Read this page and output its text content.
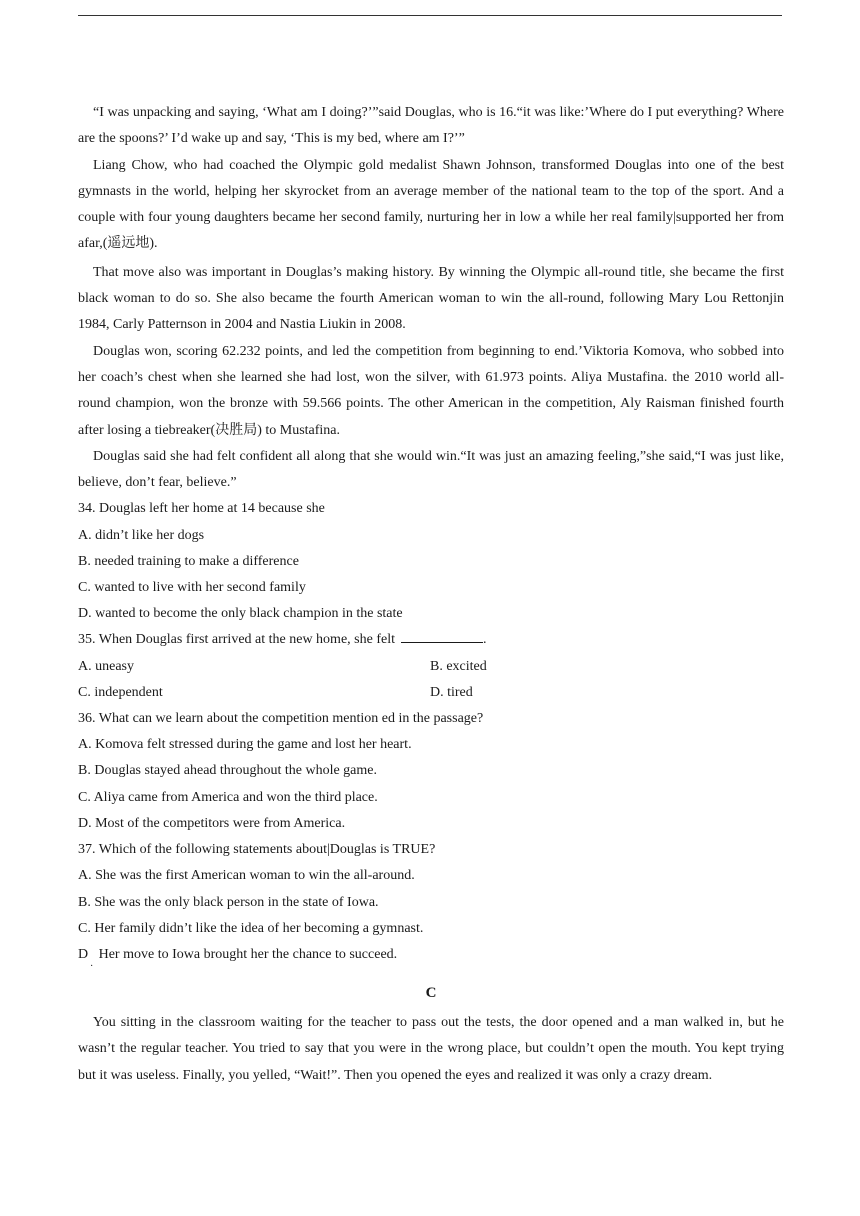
“I was unpacking and saying, ‘What am I doing?’”said Douglas, who is 16.“it was like:’Where do I put everything? Where are the spoons?’ I’d wake up and say, ‘This is my bed, where am I?’”

Liang Chow, who had coached the Olympic gold medalist Shawn Johnson, transformed Douglas into one of the best gymnasts in the world, helping her skyrocket from an average member of the national team to the top of the sport. And a couple with four young daughters became her second family, nurturing her in low a while her real family|supported her from afar,(遥远地).

That move also was important in Douglas’s making history. By winning the Olympic all-round title, she became the first black woman to do so. She also became the fourth American woman to win the all-round, following Mary Lou Rettonjin 1984, Carly Patternson in 2004 and Nastia Liukin in 2008.

Douglas won, scoring 62.232 points, and led the competition from beginning to end.’Viktoria Komova, who sobbed into her coach’s chest when she learned she had lost, won the silver, with 61.973 points. Aliya Mustafina. the 2010 world all-round champion, won the bronze with 59.566 points. The other American in the competition, Aly Raisman finished fourth after losing a tiebreaker(决胜局) to Mustafina.

Douglas said she had felt confident all along that she would win.“It was just an amazing feeling,”she said,“I was just like, believe, don’t fear, believe.”

34. Douglas left her home at 14 because she

A. didn’t like her dogs

B. needed training to make a difference

C. wanted to live with her second family

D. wanted to become the only black champion in the state

35. When Douglas first arrived at the new home, she felt	.

A. uneasy	B. excited
C. independent	D. tired

36. What can we learn about the competition mention ed in the passage?

A. Komova felt stressed during the game and lost her heart.

B. Douglas stayed ahead throughout the whole game.

C. Aliya came from America and won the third place.

D. Most of the competitors were from America.

37. Which of the following statements about|Douglas is TRUE?

A. She was the first American woman to win the all-around.

B. She was the only black person in the state of Iowa.

C. Her family didn’t like the idea of her becoming a gymnast.

D   Her move to Iowa brought her the chance to succeed.

C

You sitting in the classroom waiting for the teacher to pass out the tests, the door opened and a man walked in, but he wasn’t the regular teacher. You tried to say that you were in the wrong place, but couldn’t open the mouth. You kept trying but it was useless. Finally, you yelled, “Wait!”. Then you opened the eyes and realized it was only a crazy dream.

·
